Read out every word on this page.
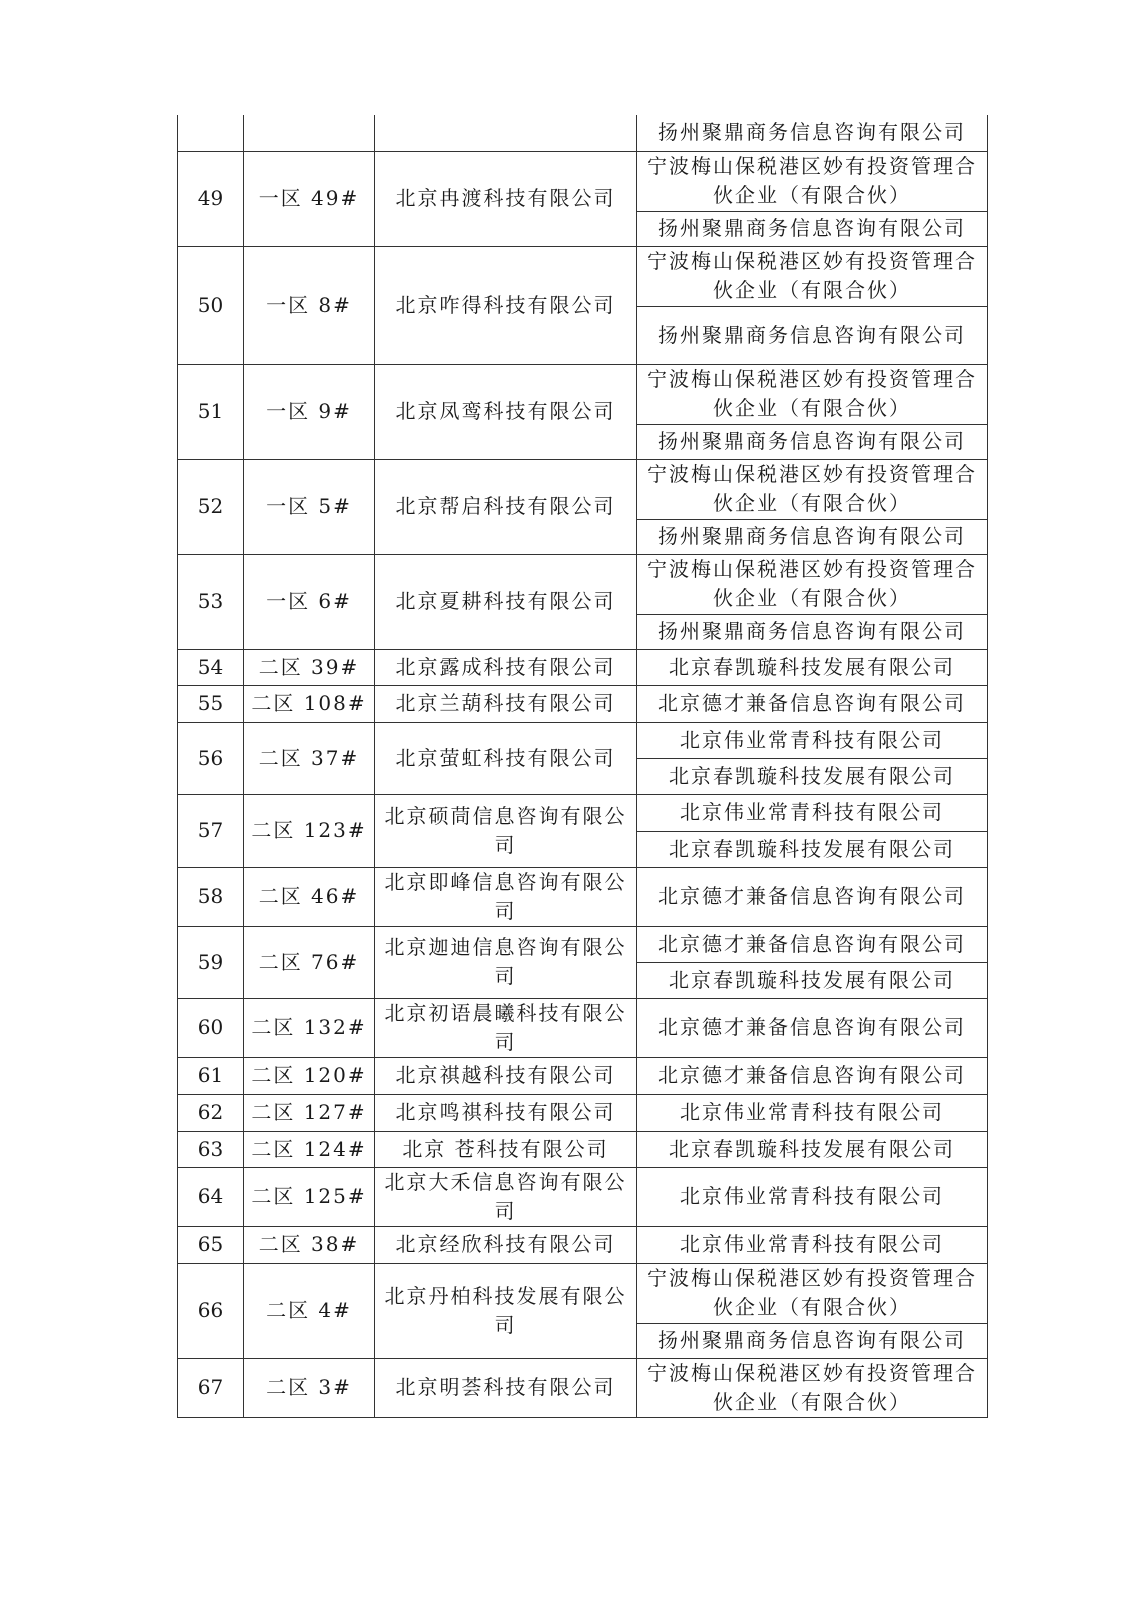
			扬州聚鼎商务信息咨询有限公司
49	一区 49#	北京冉渡科技有限公司	宁波梅山保税港区妙有投资管理合伙企业（有限合伙）
			扬州聚鼎商务信息咨询有限公司
50	一区 8#	北京咋得科技有限公司	宁波梅山保税港区妙有投资管理合伙企业（有限合伙）
			扬州聚鼎商务信息咨询有限公司
51	一区 9#	北京凤鸾科技有限公司	宁波梅山保税港区妙有投资管理合伙企业（有限合伙）
			扬州聚鼎商务信息咨询有限公司
52	一区 5#	北京帮启科技有限公司	宁波梅山保税港区妙有投资管理合伙企业（有限合伙）
			扬州聚鼎商务信息咨询有限公司
53	一区 6#	北京夏耕科技有限公司	宁波梅山保税港区妙有投资管理合伙企业（有限合伙）
			扬州聚鼎商务信息咨询有限公司
54	二区 39#	北京露成科技有限公司	北京春凯璇科技发展有限公司
55	二区 108#	北京兰葫科技有限公司	北京德才兼备信息咨询有限公司
56	二区 37#	北京萤虹科技有限公司	北京伟业常青科技有限公司
			北京春凯璇科技发展有限公司
57	二区 123#	北京硕茼信息咨询有限公司	北京伟业常青科技有限公司
			北京春凯璇科技发展有限公司
58	二区 46#	北京即峰信息咨询有限公司	北京德才兼备信息咨询有限公司
59	二区 76#	北京迦迪信息咨询有限公司	北京德才兼备信息咨询有限公司
			北京春凯璇科技发展有限公司
60	二区 132#	北京初语晨曦科技有限公司	北京德才兼备信息咨询有限公司
61	二区 120#	北京祺越科技有限公司	北京德才兼备信息咨询有限公司
62	二区 127#	北京鸣祺科技有限公司	北京伟业常青科技有限公司
63	二区 124#	北京 苍科技有限公司	北京春凯璇科技发展有限公司
64	二区 125#	北京大禾信息咨询有限公司	北京伟业常青科技有限公司
65	二区 38#	北京经欣科技有限公司	北京伟业常青科技有限公司
66	二区 4#	北京丹柏科技发展有限公司	宁波梅山保税港区妙有投资管理合伙企业（有限合伙）
			扬州聚鼎商务信息咨询有限公司
67	二区 3#	北京明荟科技有限公司	宁波梅山保税港区妙有投资管理合伙企业（有限合伙）
